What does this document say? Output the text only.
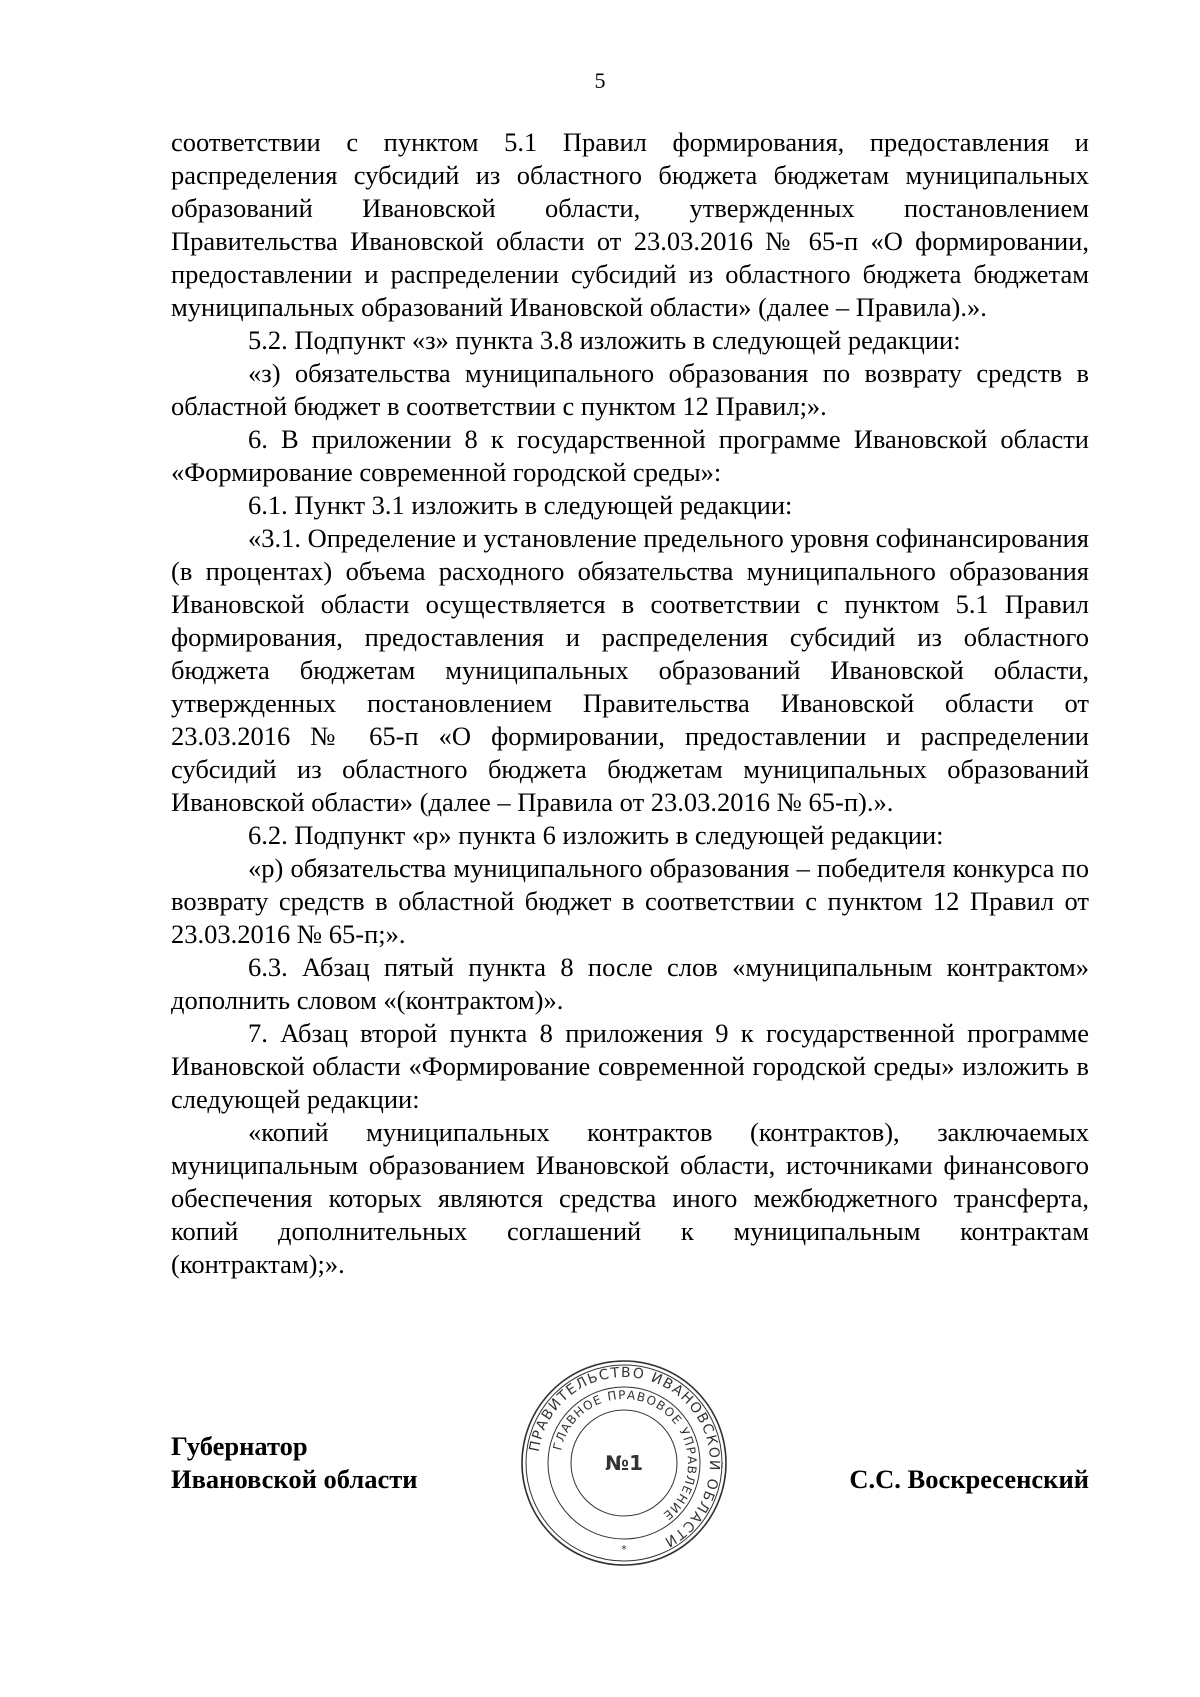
5

соответствии с пунктом 5.1 Правил формирования, предоставления и распределения субсидий из областного бюджета бюджетам муниципальных образований Ивановской области, утвержденных постановлением Правительства Ивановской области от 23.03.2016 № 65-п «О формировании, предоставлении и распределении субсидий из областного бюджета бюджетам муниципальных образований Ивановской области» (далее – Правила).».

5.2. Подпункт «з» пункта 3.8 изложить в следующей редакции:

«з) обязательства муниципального образования по возврату средств в областной бюджет в соответствии с пунктом 12 Правил;».

6. В приложении 8 к государственной программе Ивановской области «Формирование современной городской среды»:

6.1. Пункт 3.1 изложить в следующей редакции:

«3.1. Определение и установление предельного уровня софинансирования (в процентах) объема расходного обязательства муниципального образования Ивановской области осуществляется в соответствии с пунктом 5.1 Правил формирования, предоставления и распределения субсидий из областного бюджета бюджетам муниципальных образований Ивановской области, утвержденных постановлением Правительства Ивановской области от 23.03.2016 № 65-п «О формировании, предоставлении и распределении субсидий из областного бюджета бюджетам муниципальных образований Ивановской области» (далее – Правила от 23.03.2016 № 65-п).».

6.2. Подпункт «р» пункта 6 изложить в следующей редакции:

«р) обязательства муниципального образования – победителя конкурса по возврату средств в областной бюджет в соответствии с пунктом 12 Правил от 23.03.2016 № 65-п;».

6.3. Абзац пятый пункта 8 после слов «муниципальным контрактом» дополнить словом «(контрактом)».

7. Абзац второй пункта 8 приложения 9 к государственной программе Ивановской области «Формирование современной городской среды» изложить в следующей редакции:

«копий муниципальных контрактов (контрактов), заключаемых муниципальным образованием Ивановской области, источниками финансового обеспечения которых являются средства иного межбюджетного трансферта, копий дополнительных соглашений к муниципальным контрактам (контрактам);».

Губернатор
Ивановской области	С.С. Воскресенский
ПРАВИТЕЛЬСТВО ИВАНОВСКОЙ ОБЛАСТИ
ГЛАВНОЕ ПРАВОВОЕ УПРАВЛЕНИЕ
№1
*
